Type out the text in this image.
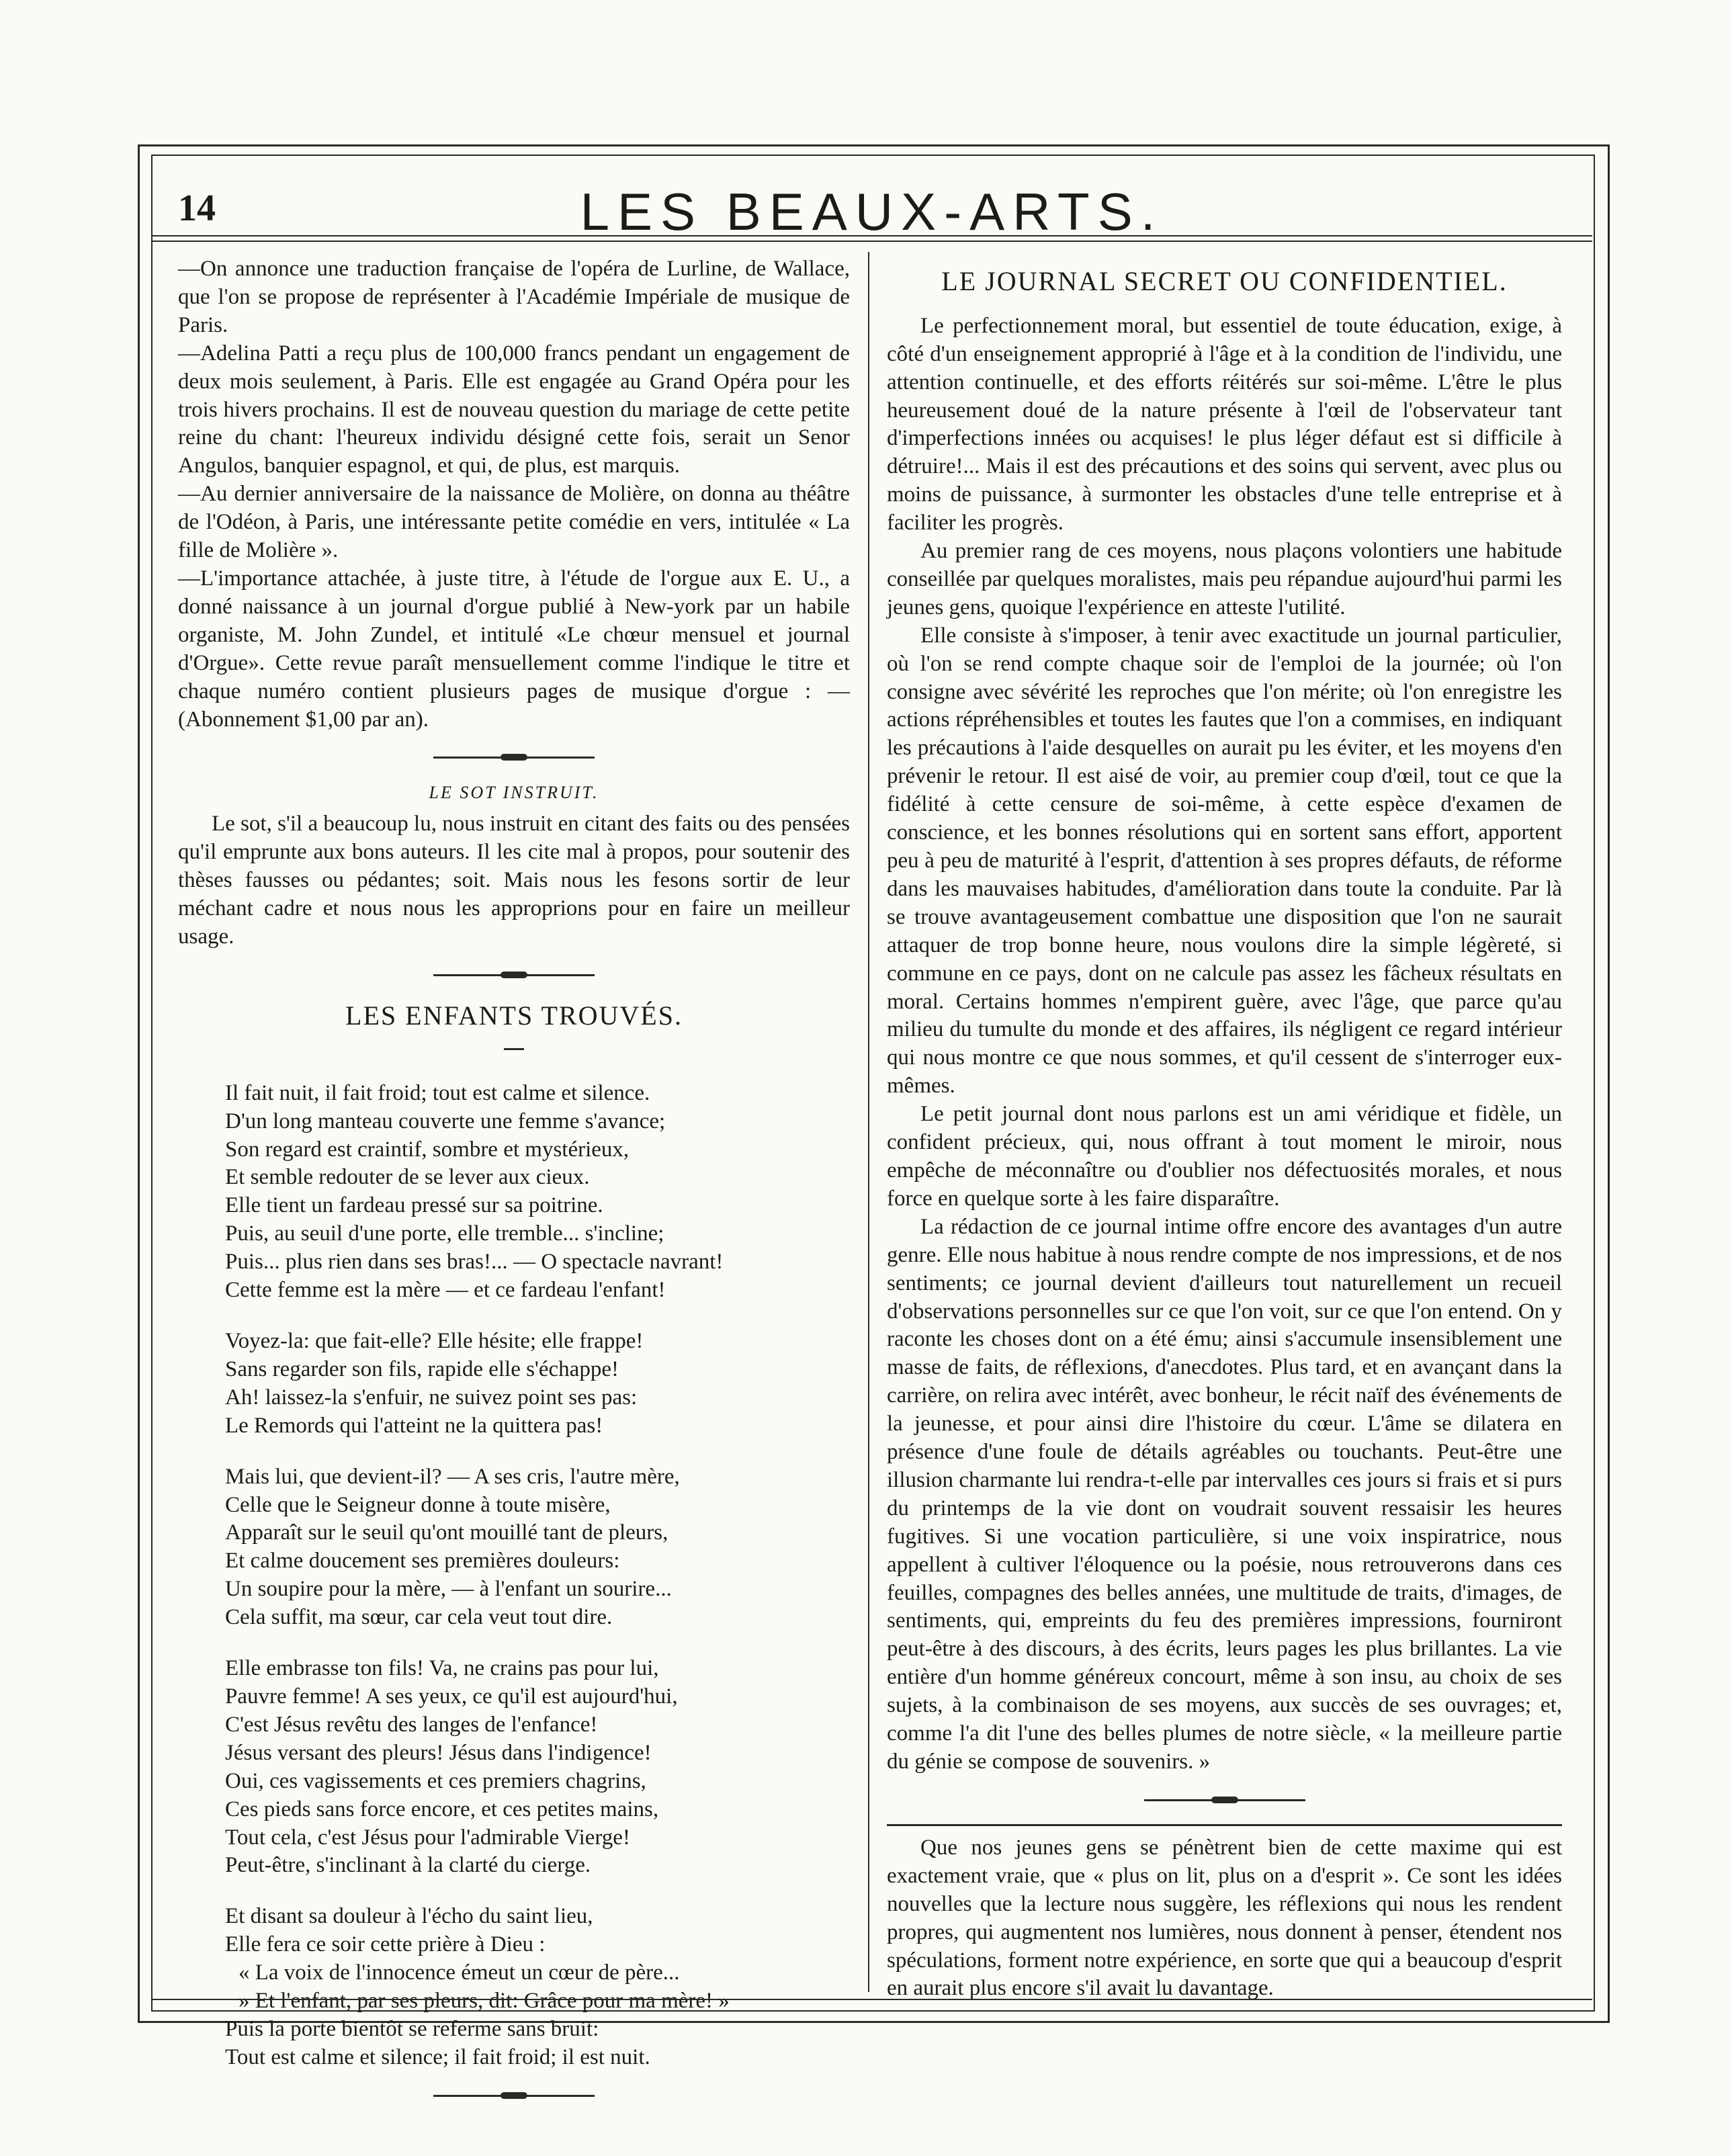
14	LES BEAUX-ARTS.

—On annonce une traduction française de l'opéra de Lurline, de Wallace, que l'on se propose de représenter à l'Académie Impériale de musique de Paris.

—Adelina Patti a reçu plus de 100,000 francs pendant un engagement de deux mois seulement, à Paris. Elle est engagée au Grand Opéra pour les trois hivers prochains. Il est de nouveau question du mariage de cette petite reine du chant: l'heureux individu désigné cette fois, serait un Senor Angulos, banquier espagnol, et qui, de plus, est marquis.

—Au dernier anniversaire de la naissance de Molière, on donna au théâtre de l'Odéon, à Paris, une intéressante petite comédie en vers, intitulée « La fille de Molière ».

—L'importance attachée, à juste titre, à l'étude de l'orgue aux E. U., a donné naissance à un journal d'orgue publié à New-york par un habile organiste, M. John Zundel, et intitulé «Le chœur mensuel et journal d'Orgue». Cette revue paraît mensuellement comme l'indique le titre et chaque numéro contient plusieurs pages de musique d'orgue : — (Abonnement $1,00 par an).

LE SOT INSTRUIT.

Le sot, s'il a beaucoup lu, nous instruit en citant des faits ou des pensées qu'il emprunte aux bons auteurs. Il les cite mal à propos, pour soutenir des thèses fausses ou pédantes; soit. Mais nous les fesons sortir de leur méchant cadre et nous nous les approprions pour en faire un meilleur usage.

LES ENFANTS TROUVÉS.
Il fait nuit, il fait froid; tout est calme et silence.
D'un long manteau couverte une femme s'avance;
Son regard est craintif, sombre et mystérieux,
Et semble redouter de se lever aux cieux.
Elle tient un fardeau pressé sur sa poitrine.
Puis, au seuil d'une porte, elle tremble... s'incline;
Puis... plus rien dans ses bras!... — O spectacle navrant!
Cette femme est la mère — et ce fardeau l'enfant!
Voyez-la: que fait-elle? Elle hésite; elle frappe!
Sans regarder son fils, rapide elle s'échappe!
Ah! laissez-la s'enfuir, ne suivez point ses pas:
Le Remords qui l'atteint ne la quittera pas!
Mais lui, que devient-il? — A ses cris, l'autre mère,
Celle que le Seigneur donne à toute misère,
Apparaît sur le seuil qu'ont mouillé tant de pleurs,
Et calme doucement ses premières douleurs:
Un soupire pour la mère, — à l'enfant un sourire...
Cela suffit, ma sœur, car cela veut tout dire.
Elle embrasse ton fils! Va, ne crains pas pour lui,
Pauvre femme! A ses yeux, ce qu'il est aujourd'hui,
C'est Jésus revêtu des langes de l'enfance!
Jésus versant des pleurs! Jésus dans l'indigence!
Oui, ces vagissements et ces premiers chagrins,
Ces pieds sans force encore, et ces petites mains,
Tout cela, c'est Jésus pour l'admirable Vierge!
Peut-être, s'inclinant à la clarté du cierge.
Et disant sa douleur à l'écho du saint lieu,
Elle fera ce soir cette prière à Dieu :
« La voix de l'innocence émeut un cœur de père...
» Et l'enfant, par ses pleurs, dit: Grâce pour ma mère! »
Puis la porte bientôt se referme sans bruit:
Tout est calme et silence; il fait froid; il est nuit.
LE JOURNAL SECRET OU CONFIDENTIEL.

Le perfectionnement moral, but essentiel de toute éducation, exige, à côté d'un enseignement approprié à l'âge et à la condition de l'individu, une attention continuelle, et des efforts réitérés sur soi-même. L'être le plus heureusement doué de la nature présente à l'œil de l'observateur tant d'imperfections innées ou acquises! le plus léger défaut est si difficile à détruire!... Mais il est des précautions et des soins qui servent, avec plus ou moins de puissance, à surmonter les obstacles d'une telle entreprise et à faciliter les progrès.

Au premier rang de ces moyens, nous plaçons volontiers une habitude conseillée par quelques moralistes, mais peu répandue aujourd'hui parmi les jeunes gens, quoique l'expérience en atteste l'utilité.

Elle consiste à s'imposer, à tenir avec exactitude un journal particulier, où l'on se rend compte chaque soir de l'emploi de la journée; où l'on consigne avec sévérité les reproches que l'on mérite; où l'on enregistre les actions répréhensibles et toutes les fautes que l'on a commises, en indiquant les précautions à l'aide desquelles on aurait pu les éviter, et les moyens d'en prévenir le retour. Il est aisé de voir, au premier coup d'œil, tout ce que la fidélité à cette censure de soi-même, à cette espèce d'examen de conscience, et les bonnes résolutions qui en sortent sans effort, apportent peu à peu de maturité à l'esprit, d'attention à ses propres défauts, de réforme dans les mauvaises habitudes, d'amélioration dans toute la conduite. Par là se trouve avantageusement combattue une disposition que l'on ne saurait attaquer de trop bonne heure, nous voulons dire la simple légèreté, si commune en ce pays, dont on ne calcule pas assez les fâcheux résultats en moral. Certains hommes n'empirent guère, avec l'âge, que parce qu'au milieu du tumulte du monde et des affaires, ils négligent ce regard intérieur qui nous montre ce que nous sommes, et qu'il cessent de s'interroger eux-mêmes.

Le petit journal dont nous parlons est un ami véridique et fidèle, un confident précieux, qui, nous offrant à tout moment le miroir, nous empêche de méconnaître ou d'oublier nos défectuosités morales, et nous force en quelque sorte à les faire disparaître.

La rédaction de ce journal intime offre encore des avantages d'un autre genre. Elle nous habitue à nous rendre compte de nos impressions, et de nos sentiments; ce journal devient d'ailleurs tout naturellement un recueil d'observations personnelles sur ce que l'on voit, sur ce que l'on entend. On y raconte les choses dont on a été ému; ainsi s'accumule insensiblement une masse de faits, de réflexions, d'anecdotes. Plus tard, et en avançant dans la carrière, on relira avec intérêt, avec bonheur, le récit naïf des événements de la jeunesse, et pour ainsi dire l'histoire du cœur. L'âme se dilatera en présence d'une foule de détails agréables ou touchants. Peut-être une illusion charmante lui rendra-t-elle par intervalles ces jours si frais et si purs du printemps de la vie dont on voudrait souvent ressaisir les heures fugitives. Si une vocation particulière, si une voix inspiratrice, nous appellent à cultiver l'éloquence ou la poésie, nous retrouverons dans ces feuilles, compagnes des belles années, une multitude de traits, d'images, de sentiments, qui, empreints du feu des premières impressions, fourniront peut-être à des discours, à des écrits, leurs pages les plus brillantes. La vie entière d'un homme généreux concourt, même à son insu, au choix de ses sujets, à la combinaison de ses moyens, aux succès de ses ouvrages; et, comme l'a dit l'une des belles plumes de notre siècle, « la meilleure partie du génie se compose de souvenirs. »

Que nos jeunes gens se pénètrent bien de cette maxime qui est exactement vraie, que « plus on lit, plus on a d'esprit ». Ce sont les idées nouvelles que la lecture nous suggère, les réflexions qui nous les rendent propres, qui augmentent nos lumières, nous donnent à penser, étendent nos spéculations, forment notre expérience, en sorte que qui a beaucoup d'esprit en aurait plus encore s'il avait lu davantage.
